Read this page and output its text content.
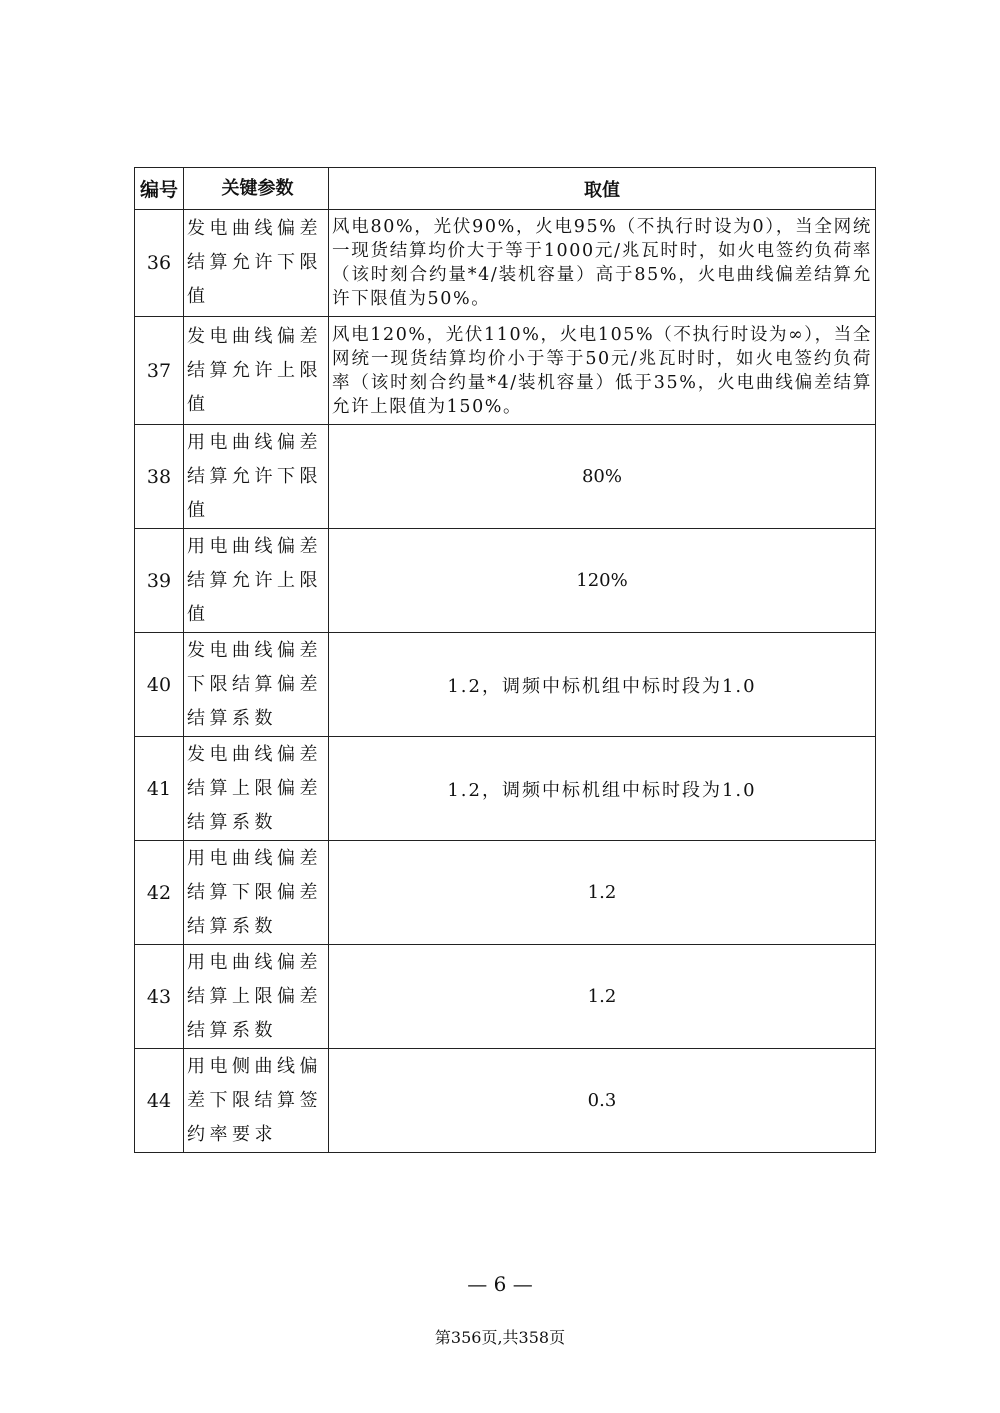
编号	关键参数	取值
36	发电曲线偏差结算允许下限值	风电80%，光伏90%，火电95%（不执行时设为0），当全网统一现货结算均价大于等于1000元/兆瓦时时，如火电签约负荷率（该时刻合约量*4/装机容量）高于85%，火电曲线偏差结算允许下限值为50%。
37	发电曲线偏差结算允许上限值	风电120%，光伏110%，火电105%（不执行时设为∞），当全网统一现货结算均价小于等于50元/兆瓦时时，如火电签约负荷率（该时刻合约量*4/装机容量）低于35%，火电曲线偏差结算允许上限值为150%。
38	用电曲线偏差结算允许下限值	80%
39	用电曲线偏差结算允许上限值	120%
40	发电曲线偏差下限结算偏差结算系数	1.2，调频中标机组中标时段为1.0
41	发电曲线偏差结算上限偏差结算系数	1.2，调频中标机组中标时段为1.0
42	用电曲线偏差结算下限偏差结算系数	1.2
43	用电曲线偏差结算上限偏差结算系数	1.2
44	用电侧曲线偏差下限结算签约率要求	0.3
— 6 —
第356页,共358页
